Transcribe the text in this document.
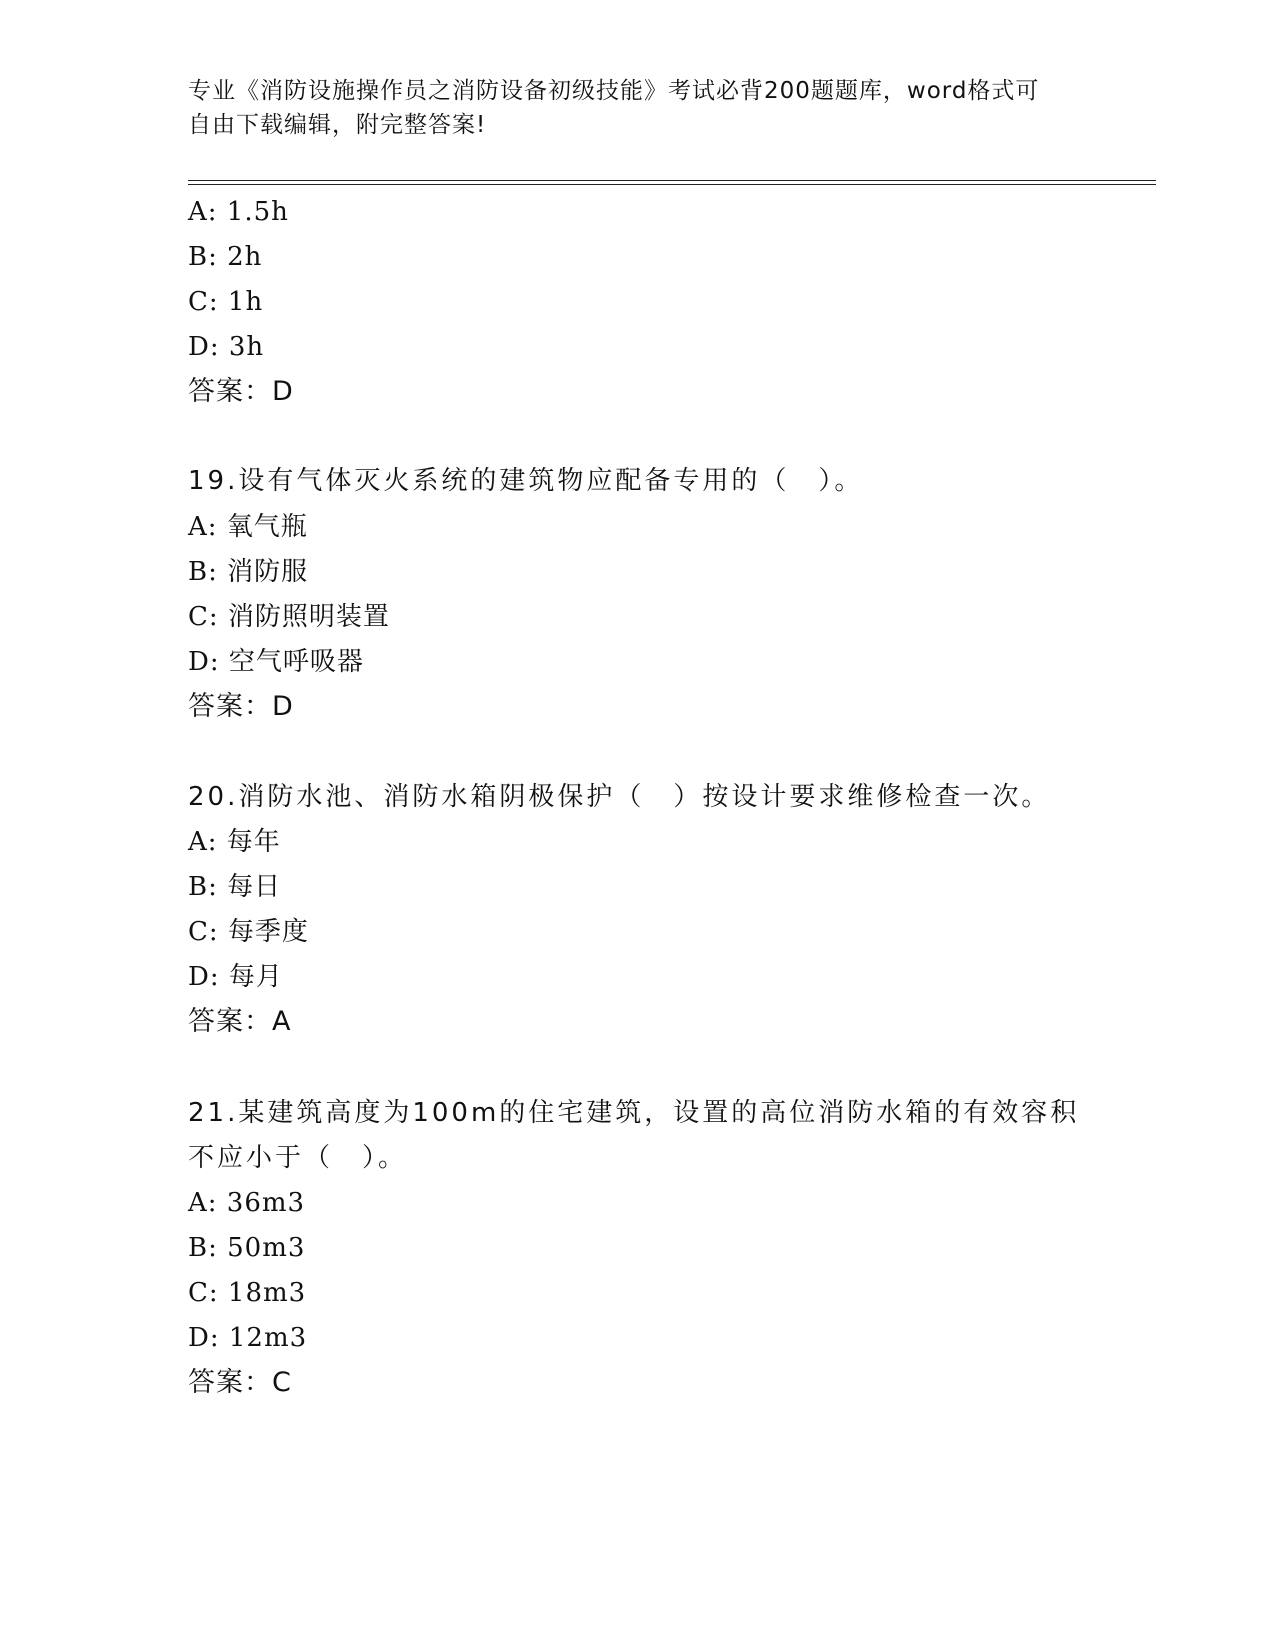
专业《消防设施操作员之消防设备初级技能》考试必背200题题库，word格式可
自由下载编辑，附完整答案!
A: 1.5h
B: 2h
C: 1h
D: 3h
答案：D
19.设有气体灭火系统的建筑物应配备专用的（　）。
A: 氧气瓶
B: 消防服
C: 消防照明装置
D: 空气呼吸器
答案：D
20.消防水池、消防水箱阴极保护（　）按设计要求维修检查一次。
A: 每年
B: 每日
C: 每季度
D: 每月
答案：A
21.某建筑高度为100m的住宅建筑，设置的高位消防水箱的有效容积
不应小于（　）。
A: 36m3
B: 50m3
C: 18m3
D: 12m3
答案：C
